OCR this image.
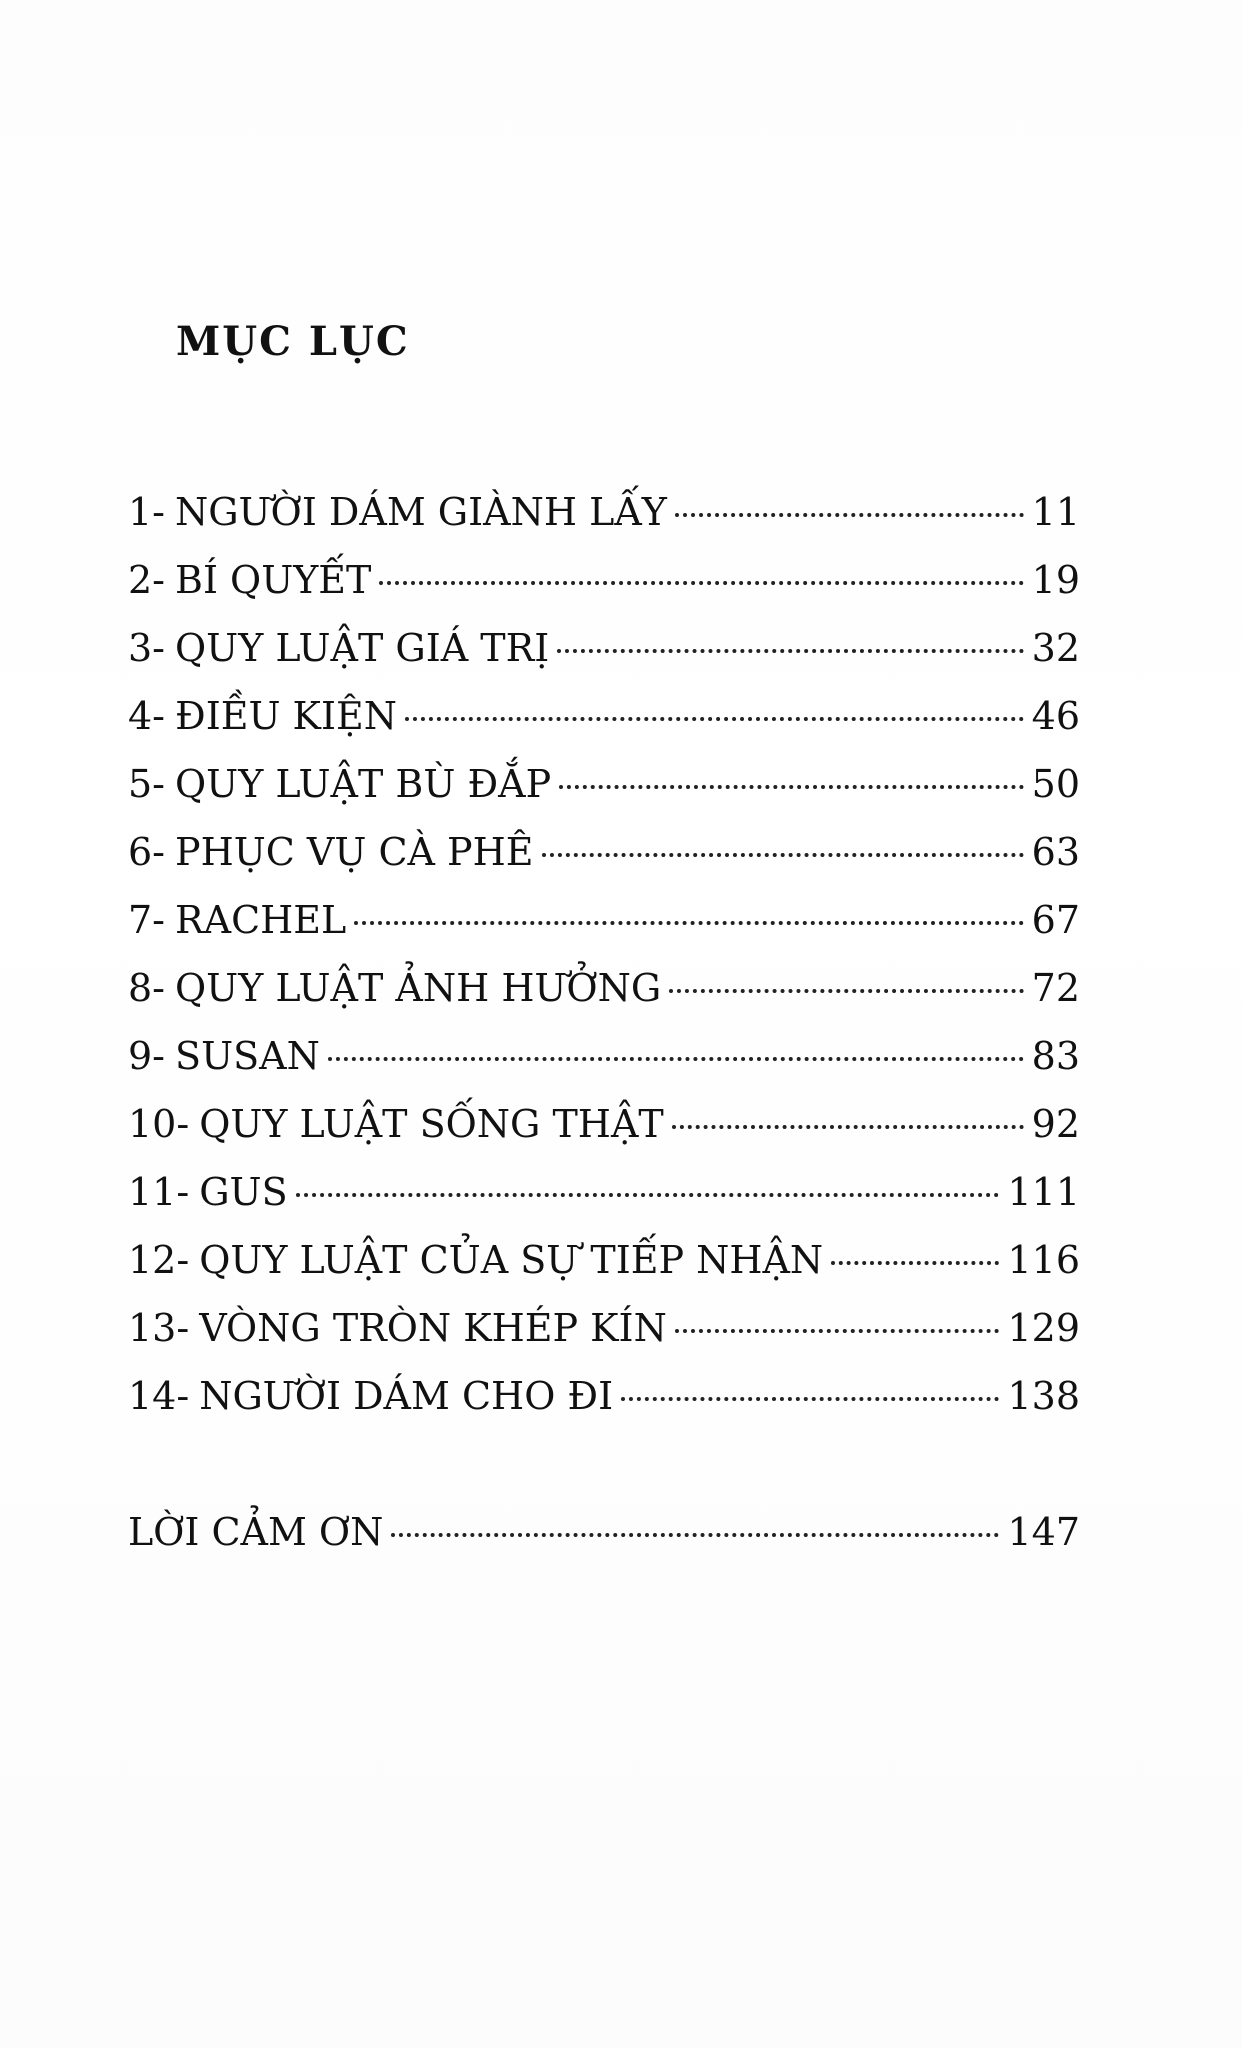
MỤC LỤC
1- NGƯỜI DÁM GIÀNH LẤY	11
2- BÍ QUYẾT	19
3- QUY LUẬT GIÁ TRỊ	32
4- ĐIỀU KIỆN	46
5- QUY LUẬT BÙ ĐẮP	50
6- PHỤC VỤ CÀ PHÊ	63
7- RACHEL	67
8- QUY LUẬT ẢNH HƯỞNG	72
9- SUSAN	83
10- QUY LUẬT SỐNG THẬT	92
11- GUS	111
12- QUY LUẬT CỦA SỰ TIẾP NHẬN	116
13- VÒNG TRÒN KHÉP KÍN	129
14- NGƯỜI DÁM CHO ĐI	138
LỜI CẢM ƠN	147
